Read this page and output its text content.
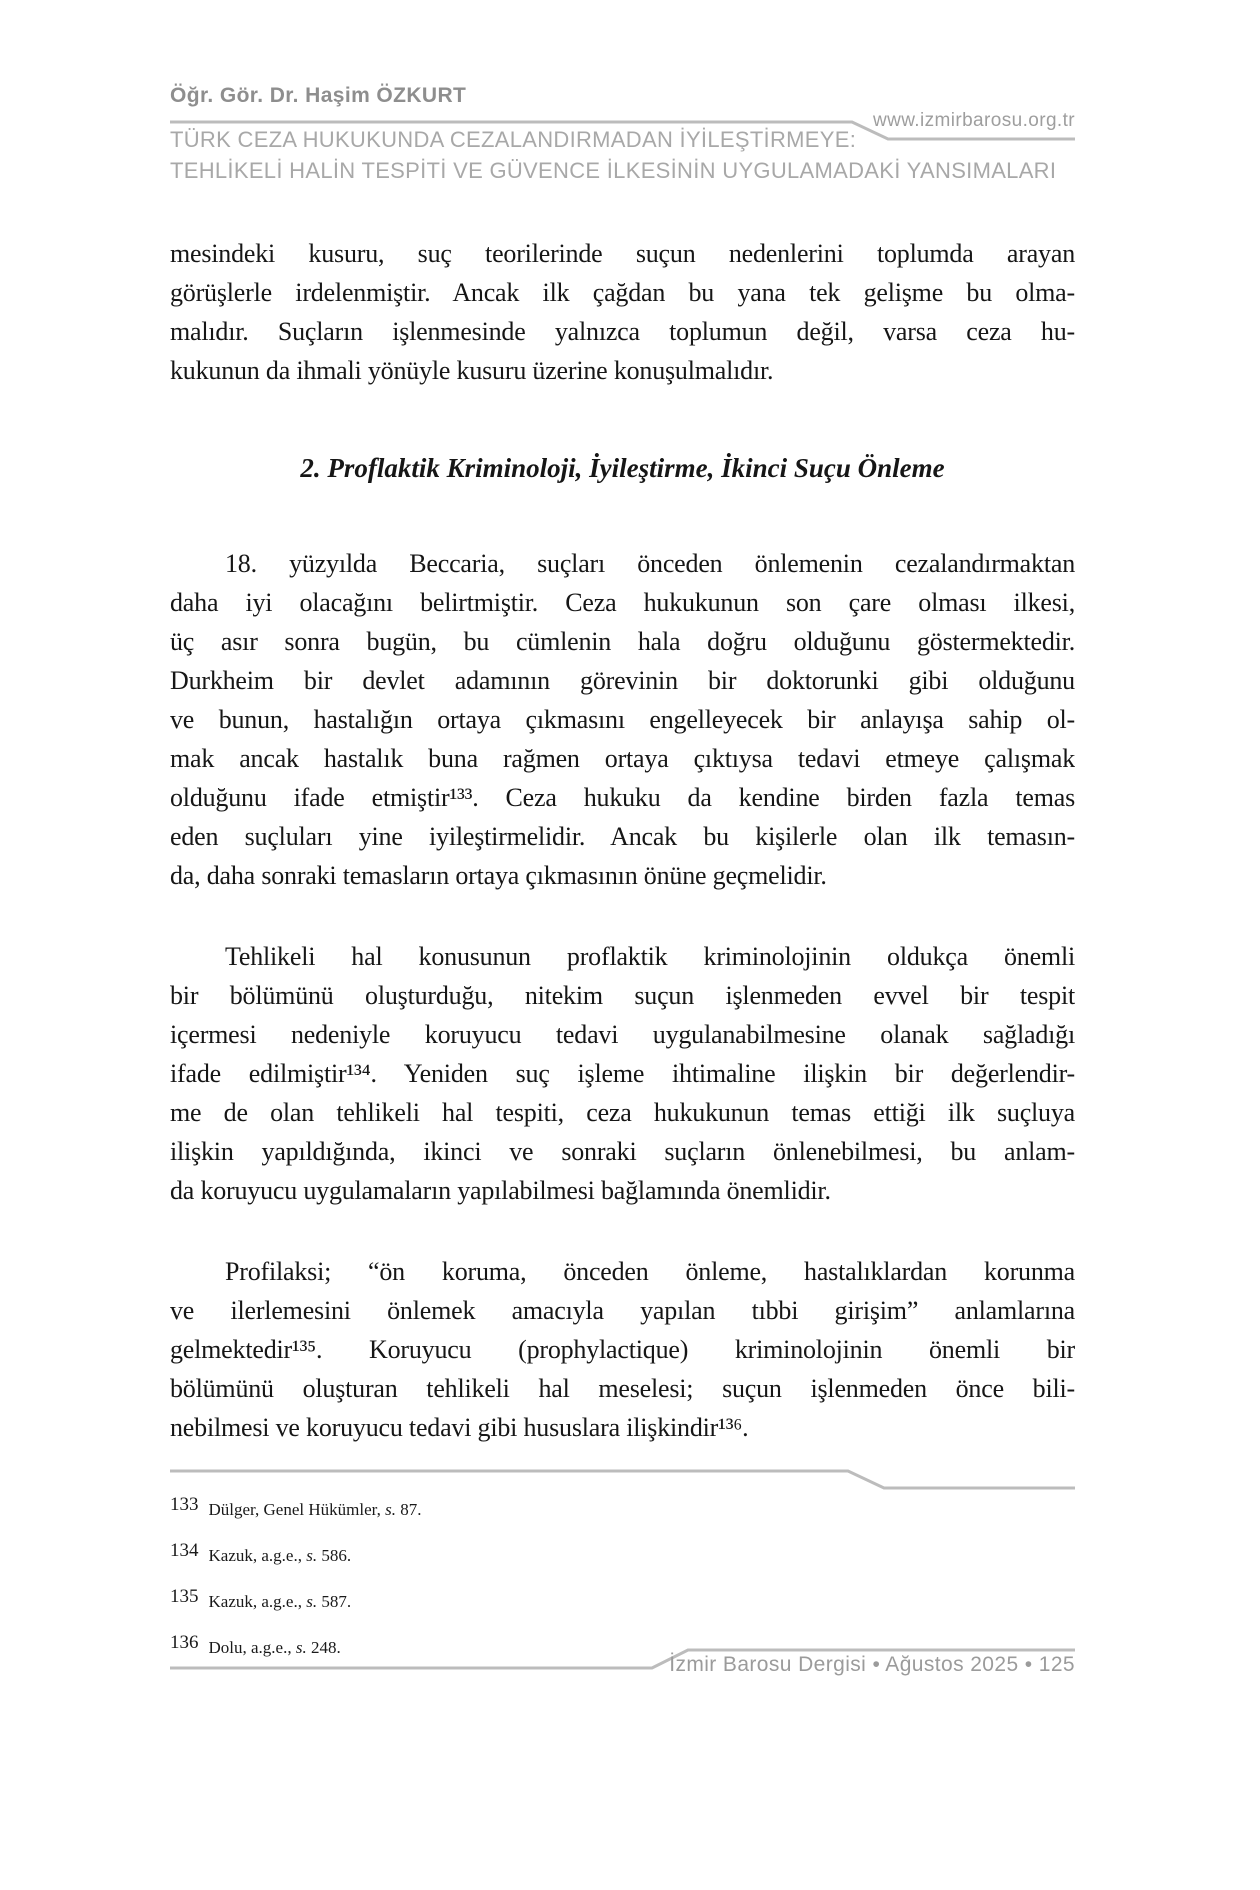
Öğr. Gör. Dr. Haşim ÖZKURT
www.izmirbarosu.org.tr
TÜRK CEZA HUKUKUNDA CEZALANDIRMADAN İYİLEŞTİRMEYE:
TEHLİKELİ HALİN TESPİTİ VE GÜVENCE İLKESİNİN UYGULAMADAKİ YANSIMALARI
mesindeki kusuru, suç teorilerinde suçun nedenlerini toplumda arayan
görüşlerle irdelenmiştir. Ancak ilk çağdan bu yana tek gelişme bu olma-
malıdır. Suçların işlenmesinde yalnızca toplumun değil, varsa ceza hu-
kukunun da ihmali yönüyle kusuru üzerine konuşulmalıdır.
2. Proflaktik Kriminoloji, İyileştirme, İkinci Suçu Önleme
18. yüzyılda Beccaria, suçları önceden önlemenin cezalandırmaktan
daha iyi olacağını belirtmiştir. Ceza hukukunun son çare olması ilkesi,
üç asır sonra bugün, bu cümlenin hala doğru olduğunu göstermektedir.
Durkheim bir devlet adamının görevinin bir doktorunki gibi olduğunu
ve bunun, hastalığın ortaya çıkmasını engelleyecek bir anlayışa sahip ol-
mak ancak hastalık buna rağmen ortaya çıktıysa tedavi etmeye çalışmak
olduğunu ifade etmiştir¹³³. Ceza hukuku da kendine birden fazla temas
eden suçluları yine iyileştirmelidir. Ancak bu kişilerle olan ilk temasın-
da, daha sonraki temasların ortaya çıkmasının önüne geçmelidir.
Tehlikeli hal konusunun proflaktik kriminolojinin oldukça önemli
bir bölümünü oluşturduğu, nitekim suçun işlenmeden evvel bir tespit
içermesi nedeniyle koruyucu tedavi uygulanabilmesine olanak sağladığı
ifade edilmiştir¹³⁴. Yeniden suç işleme ihtimaline ilişkin bir değerlendir-
me de olan tehlikeli hal tespiti, ceza hukukunun temas ettiği ilk suçluya
ilişkin yapıldığında, ikinci ve sonraki suçların önlenebilmesi, bu anlam-
da koruyucu uygulamaların yapılabilmesi bağlamında önemlidir.
Profilaksi; “ön koruma, önceden önleme, hastalıklardan korunma
ve ilerlemesini önlemek amacıyla yapılan tıbbi girişim” anlamlarına
gelmektedir¹³⁵. Koruyucu (prophylactique) kriminolojinin önemli bir
bölümünü oluşturan tehlikeli hal meselesi; suçun işlenmeden önce bili-
nebilmesi ve koruyucu tedavi gibi hususlara ilişkindir¹³⁶.
133 Dülger, Genel Hükümler, s. 87.
134 Kazuk, a.g.e., s. 586.
135 Kazuk, a.g.e., s. 587.
136 Dolu, a.g.e., s. 248.
İzmir Barosu Dergisi • Ağustos 2025 • 125
